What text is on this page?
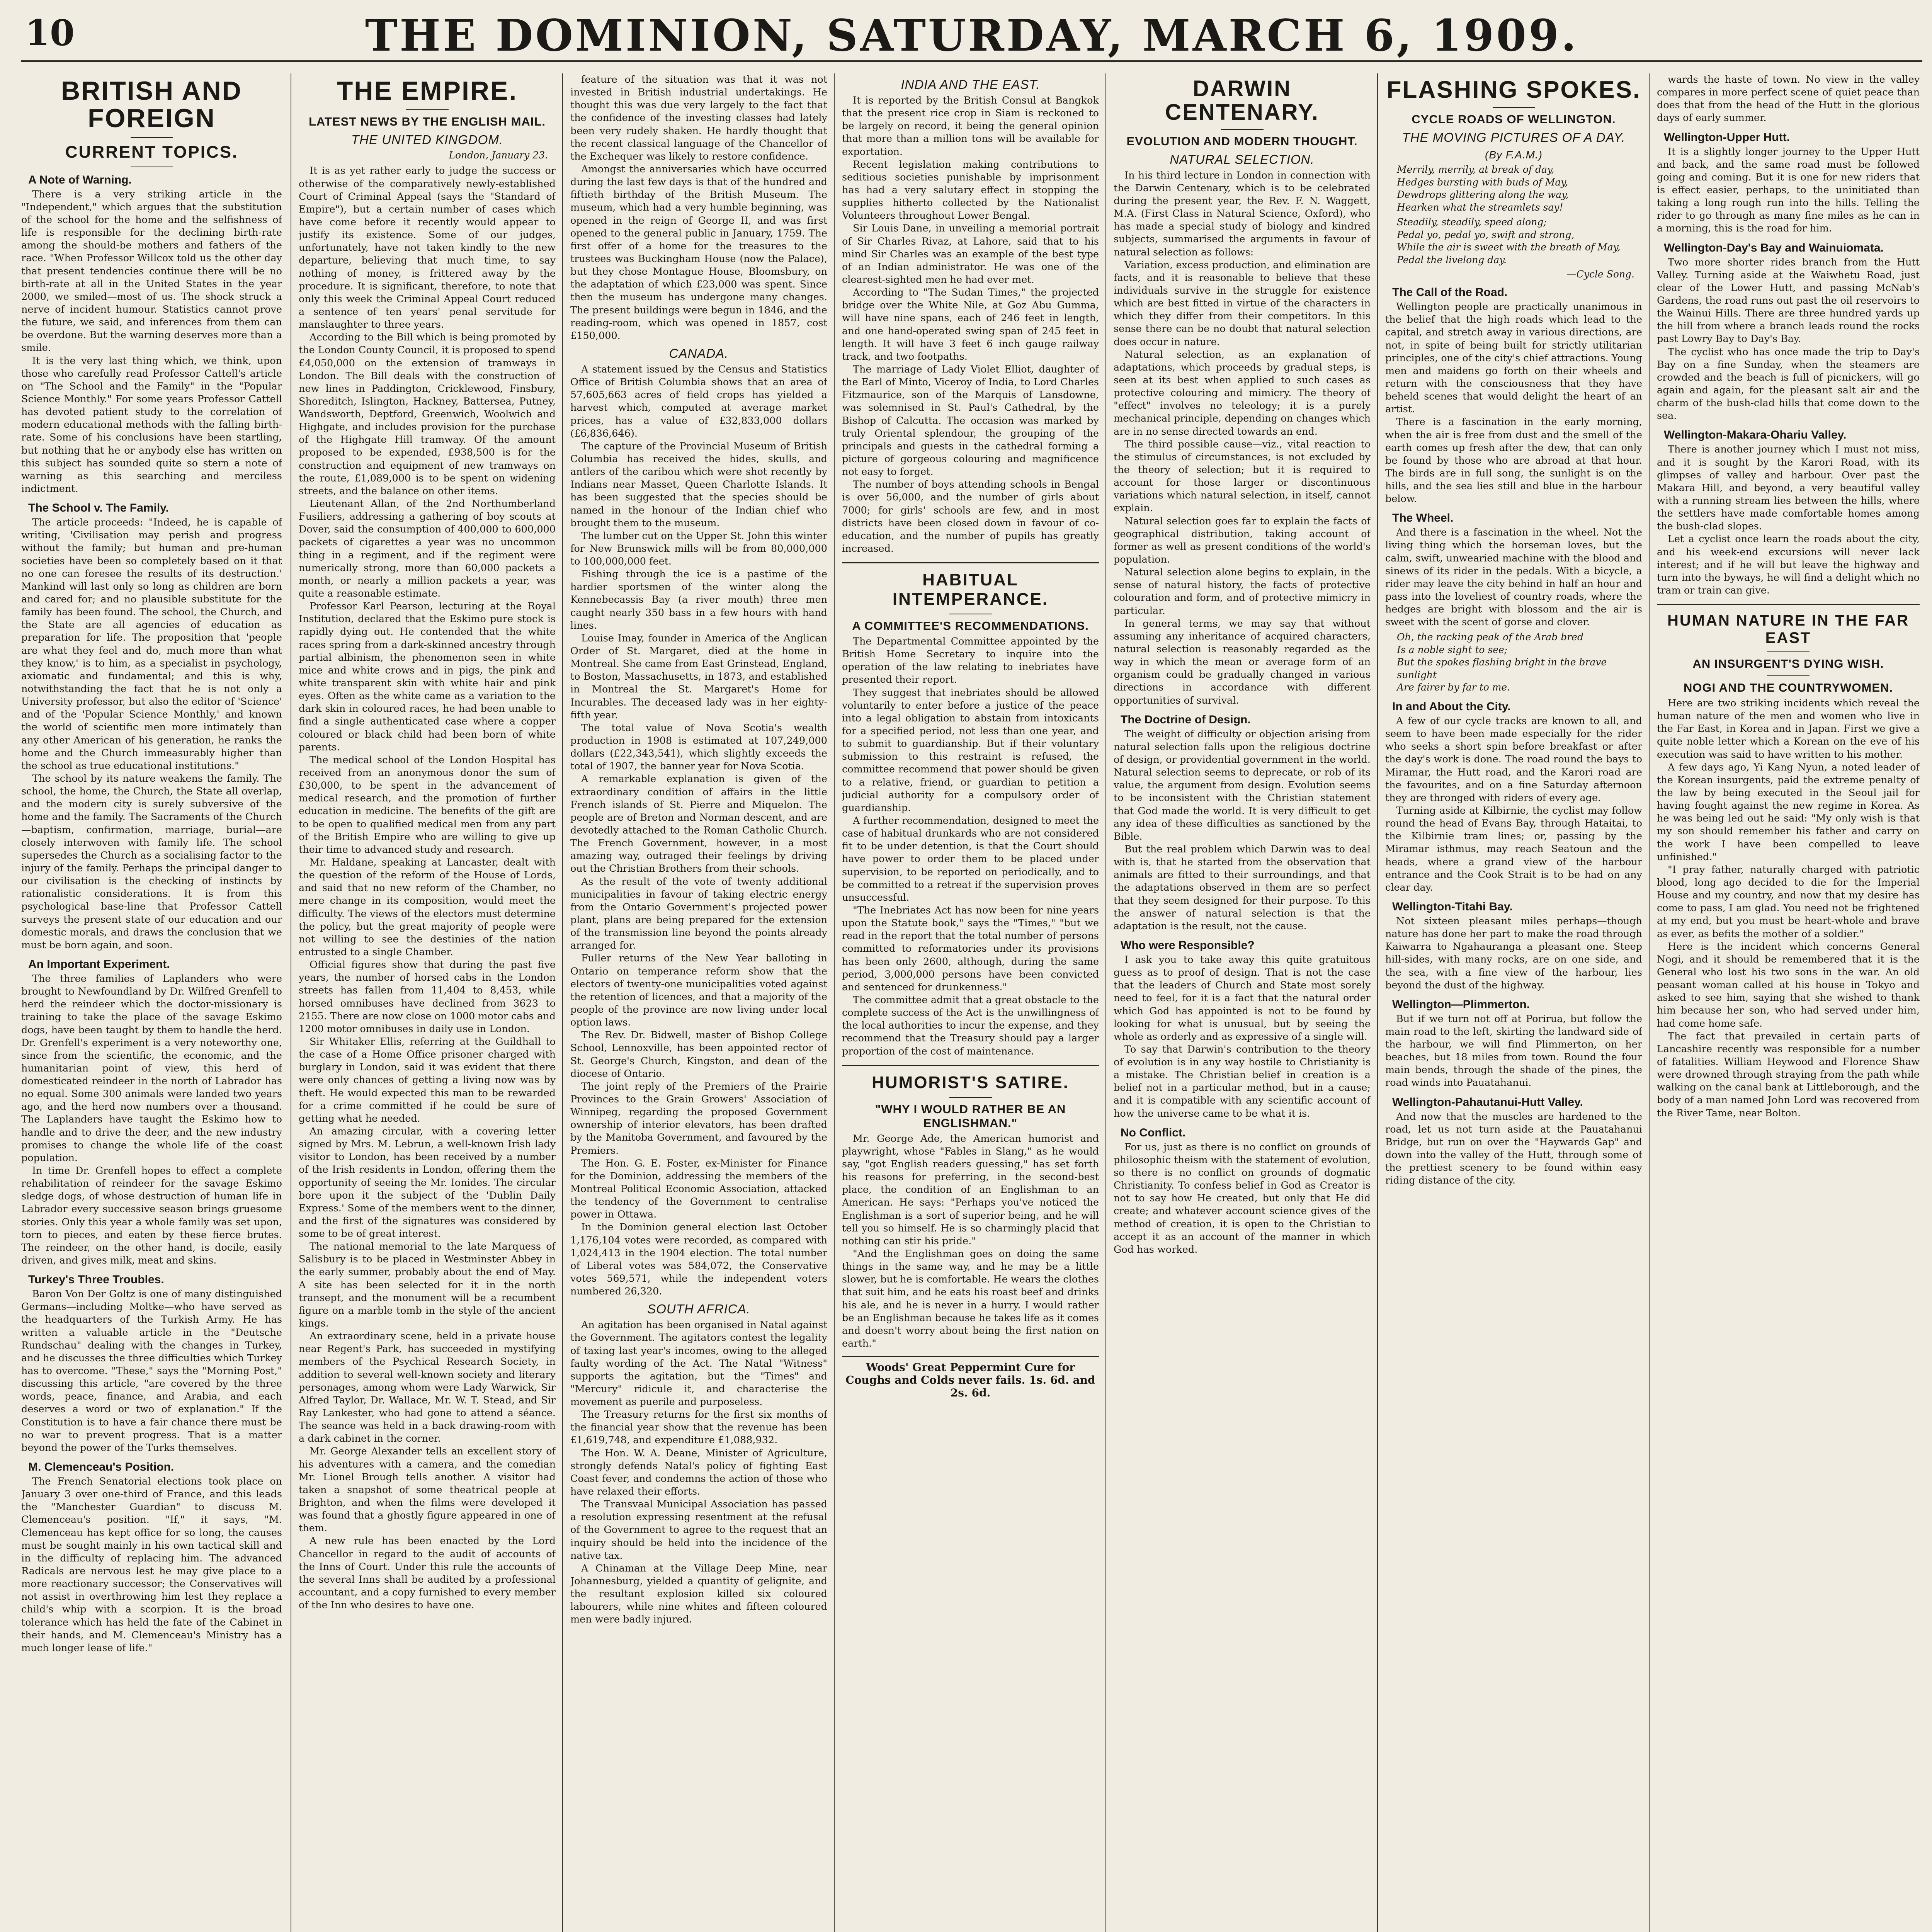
10	THE DOMINION, SATURDAY, MARCH 6, 1909.
BRITISH AND FOREIGN
CURRENT TOPICS.
A Note of Warning.

There is a very striking article in the "Independent," which argues that the substitution of the school for the home and the selfishness of life is responsible for the declining birth-rate among the should-be mothers and fathers of the race. "When Professor Willcox told us the other day that present tendencies continue there will be no birth-rate at all in the United States in the year 2000, we smiled—most of us. The shock struck a nerve of incident humour. Statistics cannot prove the future, we said, and inferences from them can be overdone. But the warning deserves more than a smile.

It is the very last thing which, we think, upon those who carefully read Professor Cattell's article on "The School and the Family" in the "Popular Science Monthly." For some years Professor Cattell has devoted patient study to the correlation of modern educational methods with the falling birth-rate. Some of his conclusions have been startling, but nothing that he or anybody else has written on this subject has sounded quite so stern a note of warning as this searching and merciless indictment.

The School v. The Family.

The article proceeds: "Indeed, he is capable of writing, 'Civilisation may perish and progress without the family; but human and pre-human societies have been so completely based on it that no one can foresee the results of its destruction.' Mankind will last only so long as children are born and cared for; and no plausible substitute for the family has been found. The school, the Church, and the State are all agencies of education as preparation for life. The proposition that 'people are what they feel and do, much more than what they know,' is to him, as a specialist in psychology, axiomatic and fundamental; and this is why, notwithstanding the fact that he is not only a University professor, but also the editor of 'Science' and of the 'Popular Science Monthly,' and known the world of scientific men more intimately than any other American of his generation, he ranks the home and the Church immeasurably higher than the school as true educational institutions."

The school by its nature weakens the family. The school, the home, the Church, the State all overlap, and the modern city is surely subversive of the home and the family. The Sacraments of the Church—baptism, confirmation, marriage, burial—are closely interwoven with family life. The school supersedes the Church as a socialising factor to the injury of the family. Perhaps the principal danger to our civilisation is the checking of instincts by rationalistic considerations. It is from this psychological base-line that Professor Cattell surveys the present state of our education and our domestic morals, and draws the conclusion that we must be born again, and soon.

An Important Experiment.

The three families of Laplanders who were brought to Newfoundland by Dr. Wilfred Grenfell to herd the reindeer which the doctor-missionary is training to take the place of the savage Eskimo dogs, have been taught by them to handle the herd. Dr. Grenfell's experiment is a very noteworthy one, since from the scientific, the economic, and the humanitarian point of view, this herd of domesticated reindeer in the north of Labrador has no equal. Some 300 animals were landed two years ago, and the herd now numbers over a thousand. The Laplanders have taught the Eskimo how to handle and to drive the deer, and the new industry promises to change the whole life of the coast population.

In time Dr. Grenfell hopes to effect a complete rehabilitation of reindeer for the savage Eskimo sledge dogs, of whose destruction of human life in Labrador every successive season brings gruesome stories. Only this year a whole family was set upon, torn to pieces, and eaten by these fierce brutes. The reindeer, on the other hand, is docile, easily driven, and gives milk, meat and skins.

Turkey's Three Troubles.

Baron Von Der Goltz is one of many distinguished Germans—including Moltke—who have served as the headquarters of the Turkish Army. He has written a valuable article in the "Deutsche Rundschau" dealing with the changes in Turkey, and he discusses the three difficulties which Turkey has to overcome. "These," says the "Morning Post," discussing this article, "are covered by the three words, peace, finance, and Arabia, and each deserves a word or two of explanation." If the Constitution is to have a fair chance there must be no war to prevent progress. That is a matter beyond the power of the Turks themselves.

M. Clemenceau's Position.

The French Senatorial elections took place on January 3 over one-third of France, and this leads the "Manchester Guardian" to discuss M. Clemenceau's position. "If," it says, "M. Clemenceau has kept office for so long, the causes must be sought mainly in his own tactical skill and in the difficulty of replacing him. The advanced Radicals are nervous lest he may give place to a more reactionary successor; the Conservatives will not assist in overthrowing him lest they replace a child's whip with a scorpion. It is the broad tolerance which has held the fate of the Cabinet in their hands, and M. Clemenceau's Ministry has a much longer lease of life."

THE EMPIRE.
LATEST NEWS BY THE ENGLISH MAIL.
THE UNITED KINGDOM.
London, January 23.

It is as yet rather early to judge the success or otherwise of the comparatively newly-established Court of Criminal Appeal (says the "Standard of Empire"), but a certain number of cases which have come before it recently would appear to justify its existence. Some of our judges, unfortunately, have not taken kindly to the new departure, believing that much time, to say nothing of money, is frittered away by the procedure. It is significant, therefore, to note that only this week the Criminal Appeal Court reduced a sentence of ten years' penal servitude for manslaughter to three years.

According to the Bill which is being promoted by the London County Council, it is proposed to spend £4,050,000 on the extension of tramways in London. The Bill deals with the construction of new lines in Paddington, Cricklewood, Finsbury, Shoreditch, Islington, Hackney, Battersea, Putney, Wandsworth, Deptford, Greenwich, Woolwich and Highgate, and includes provision for the purchase of the Highgate Hill tramway. Of the amount proposed to be expended, £938,500 is for the construction and equipment of new tramways on the route, £1,089,000 is to be spent on widening streets, and the balance on other items.

Lieutenant Allan, of the 2nd Northumberland Fusiliers, addressing a gathering of boy scouts at Dover, said the consumption of 400,000 to 600,000 packets of cigarettes a year was no uncommon thing in a regiment, and if the regiment were numerically strong, more than 60,000 packets a month, or nearly a million packets a year, was quite a reasonable estimate.

Professor Karl Pearson, lecturing at the Royal Institution, declared that the Eskimo pure stock is rapidly dying out. He contended that the white races spring from a dark-skinned ancestry through partial albinism, the phenomenon seen in white mice and white crows and in pigs, the pink and white transparent skin with white hair and pink eyes. Often as the white came as a variation to the dark skin in coloured races, he had been unable to find a single authenticated case where a copper coloured or black child had been born of white parents.

The medical school of the London Hospital has received from an anonymous donor the sum of £30,000, to be spent in the advancement of medical research, and the promotion of further education in medicine. The benefits of the gift are to be open to qualified medical men from any part of the British Empire who are willing to give up their time to advanced study and research.

Mr. Haldane, speaking at Lancaster, dealt with the question of the reform of the House of Lords, and said that no new reform of the Chamber, no mere change in its composition, would meet the difficulty. The views of the electors must determine the policy, but the great majority of people were not willing to see the destinies of the nation entrusted to a single Chamber.

Official figures show that during the past five years, the number of horsed cabs in the London streets has fallen from 11,404 to 8,453, while horsed omnibuses have declined from 3623 to 2155. There are now close on 1000 motor cabs and 1200 motor omnibuses in daily use in London.

Sir Whitaker Ellis, referring at the Guildhall to the case of a Home Office prisoner charged with burglary in London, said it was evident that there were only chances of getting a living now was by theft. He would expected this man to be rewarded for a crime committed if he could be sure of getting what he needed.

An amazing circular, with a covering letter signed by Mrs. M. Lebrun, a well-known Irish lady visitor to London, has been received by a number of the Irish residents in London, offering them the opportunity of seeing the Mr. Ionides. The circular bore upon it the subject of the 'Dublin Daily Express.' Some of the members went to the dinner, and the first of the signatures was considered by some to be of great interest.

The national memorial to the late Marquess of Salisbury is to be placed in Westminster Abbey in the early summer, probably about the end of May. A site has been selected for it in the north transept, and the monument will be a recumbent figure on a marble tomb in the style of the ancient kings.

An extraordinary scene, held in a private house near Regent's Park, has succeeded in mystifying members of the Psychical Research Society, in addition to several well-known society and literary personages, among whom were Lady Warwick, Sir Alfred Taylor, Dr. Wallace, Mr. W. T. Stead, and Sir Ray Lankester, who had gone to attend a séance. The seance was held in a back drawing-room with a dark cabinet in the corner.

Mr. George Alexander tells an excellent story of his adventures with a camera, and the comedian Mr. Lionel Brough tells another. A visitor had taken a snapshot of some theatrical people at Brighton, and when the films were developed it was found that a ghostly figure appeared in one of them.

A new rule has been enacted by the Lord Chancellor in regard to the audit of accounts of the Inns of Court. Under this rule the accounts of the several Inns shall be audited by a professional accountant, and a copy furnished to every member of the Inn who desires to have one.

feature of the situation was that it was not invested in British industrial undertakings. He thought this was due very largely to the fact that the confidence of the investing classes had lately been very rudely shaken. He hardly thought that the recent classical language of the Chancellor of the Exchequer was likely to restore confidence.

Amongst the anniversaries which have occurred during the last few days is that of the hundred and fiftieth birthday of the British Museum. The museum, which had a very humble beginning, was opened in the reign of George II, and was first opened to the general public in January, 1759. The first offer of a home for the treasures to the trustees was Buckingham House (now the Palace), but they chose Montague House, Bloomsbury, on the adaptation of which £23,000 was spent. Since then the museum has undergone many changes. The present buildings were begun in 1846, and the reading-room, which was opened in 1857, cost £150,000.

CANADA.

A statement issued by the Census and Statistics Office of British Columbia shows that an area of 57,605,663 acres of field crops has yielded a harvest which, computed at average market prices, has a value of £32,833,000 dollars (£6,836,646).

The capture of the Provincial Museum of British Columbia has received the hides, skulls, and antlers of the caribou which were shot recently by Indians near Masset, Queen Charlotte Islands. It has been suggested that the species should be named in the honour of the Indian chief who brought them to the museum.

The lumber cut on the Upper St. John this winter for New Brunswick mills will be from 80,000,000 to 100,000,000 feet.

Fishing through the ice is a pastime of the hardier sportsmen of the winter along the Kennebecassis Bay (a river mouth) three men caught nearly 350 bass in a few hours with hand lines.

Louise Imay, founder in America of the Anglican Order of St. Margaret, died at the home in Montreal. She came from East Grinstead, England, to Boston, Massachusetts, in 1873, and established in Montreal the St. Margaret's Home for Incurables. The deceased lady was in her eighty-fifth year.

The total value of Nova Scotia's wealth production in 1908 is estimated at 107,249,000 dollars (£22,343,541), which slightly exceeds the total of 1907, the banner year for Nova Scotia.

A remarkable explanation is given of the extraordinary condition of affairs in the little French islands of St. Pierre and Miquelon. The people are of Breton and Norman descent, and are devotedly attached to the Roman Catholic Church. The French Government, however, in a most amazing way, outraged their feelings by driving out the Christian Brothers from their schools.

As the result of the vote of twenty additional municipalities in favour of taking electric energy from the Ontario Government's projected power plant, plans are being prepared for the extension of the transmission line beyond the points already arranged for.

Fuller returns of the New Year balloting in Ontario on temperance reform show that the electors of twenty-one municipalities voted against the retention of licences, and that a majority of the people of the province are now living under local option laws.

The Rev. Dr. Bidwell, master of Bishop College School, Lennoxville, has been appointed rector of St. George's Church, Kingston, and dean of the diocese of Ontario.

The joint reply of the Premiers of the Prairie Provinces to the Grain Growers' Association of Winnipeg, regarding the proposed Government ownership of interior elevators, has been drafted by the Manitoba Government, and favoured by the Premiers.

The Hon. G. E. Foster, ex-Minister for Finance for the Dominion, addressing the members of the Montreal Political Economic Association, attacked the tendency of the Government to centralise power in Ottawa.

In the Dominion general election last October 1,176,104 votes were recorded, as compared with 1,024,413 in the 1904 election. The total number of Liberal votes was 584,072, the Conservative votes 569,571, while the independent voters numbered 26,320.

SOUTH AFRICA.

An agitation has been organised in Natal against the Government. The agitators contest the legality of taxing last year's incomes, owing to the alleged faulty wording of the Act. The Natal "Witness" supports the agitation, but the "Times" and "Mercury" ridicule it, and characterise the movement as puerile and purposeless.

The Treasury returns for the first six months of the financial year show that the revenue has been £1,619,748, and expenditure £1,088,932.

The Hon. W. A. Deane, Minister of Agriculture, strongly defends Natal's policy of fighting East Coast fever, and condemns the action of those who have relaxed their efforts.

The Transvaal Municipal Association has passed a resolution expressing resentment at the refusal of the Government to agree to the request that an inquiry should be held into the incidence of the native tax.

A Chinaman at the Village Deep Mine, near Johannesburg, yielded a quantity of gelignite, and the resultant explosion killed six coloured labourers, while nine whites and fifteen coloured men were badly injured.

INDIA AND THE EAST.

It is reported by the British Consul at Bangkok that the present rice crop in Siam is reckoned to be largely on record, it being the general opinion that more than a million tons will be available for exportation.

Recent legislation making contributions to seditious societies punishable by imprisonment has had a very salutary effect in stopping the supplies hitherto collected by the Nationalist Volunteers throughout Lower Bengal.

Sir Louis Dane, in unveiling a memorial portrait of Sir Charles Rivaz, at Lahore, said that to his mind Sir Charles was an example of the best type of an Indian administrator. He was one of the clearest-sighted men he had ever met.

According to "The Sudan Times," the projected bridge over the White Nile, at Goz Abu Gumma, will have nine spans, each of 246 feet in length, and one hand-operated swing span of 245 feet in length. It will have 3 feet 6 inch gauge railway track, and two footpaths.

The marriage of Lady Violet Elliot, daughter of the Earl of Minto, Viceroy of India, to Lord Charles Fitzmaurice, son of the Marquis of Lansdowne, was solemnised in St. Paul's Cathedral, by the Bishop of Calcutta. The occasion was marked by truly Oriental splendour, the grouping of the principals and guests in the cathedral forming a picture of gorgeous colouring and magnificence not easy to forget.

The number of boys attending schools in Bengal is over 56,000, and the number of girls about 7000; for girls' schools are few, and in most districts have been closed down in favour of co-education, and the number of pupils has greatly increased.

HABITUAL INTEMPERANCE.
A COMMITTEE'S RECOMMENDATIONS.

The Departmental Committee appointed by the British Home Secretary to inquire into the operation of the law relating to inebriates have presented their report.

They suggest that inebriates should be allowed voluntarily to enter before a justice of the peace into a legal obligation to abstain from intoxicants for a specified period, not less than one year, and to submit to guardianship. But if their voluntary submission to this restraint is refused, the committee recommend that power should be given to a relative, friend, or guardian to petition a judicial authority for a compulsory order of guardianship.

A further recommendation, designed to meet the case of habitual drunkards who are not considered fit to be under detention, is that the Court should have power to order them to be placed under supervision, to be reported on periodically, and to be committed to a retreat if the supervision proves unsuccessful.

"The Inebriates Act has now been for nine years upon the Statute book," says the "Times," "but we read in the report that the total number of persons committed to reformatories under its provisions has been only 2600, although, during the same period, 3,000,000 persons have been convicted and sentenced for drunkenness."

The committee admit that a great obstacle to the complete success of the Act is the unwillingness of the local authorities to incur the expense, and they recommend that the Treasury should pay a larger proportion of the cost of maintenance.

HUMORIST'S SATIRE.
"WHY I WOULD RATHER BE AN ENGLISHMAN."

Mr. George Ade, the American humorist and playwright, whose "Fables in Slang," as he would say, "got English readers guessing," has set forth his reasons for preferring, in the second-best place, the condition of an Englishman to an American. He says: "Perhaps you've noticed the Englishman is a sort of superior being, and he will tell you so himself. He is so charmingly placid that nothing can stir his pride."

"And the Englishman goes on doing the same things in the same way, and he may be a little slower, but he is comfortable. He wears the clothes that suit him, and he eats his roast beef and drinks his ale, and he is never in a hurry. I would rather be an Englishman because he takes life as it comes and doesn't worry about being the first nation on earth."

Woods' Great Peppermint Cure for Coughs and Colds never fails. 1s. 6d. and 2s. 6d.
DARWIN CENTENARY.
EVOLUTION AND MODERN THOUGHT.
NATURAL SELECTION.

In his third lecture in London in connection with the Darwin Centenary, which is to be celebrated during the present year, the Rev. F. N. Waggett, M.A. (First Class in Natural Science, Oxford), who has made a special study of biology and kindred subjects, summarised the arguments in favour of natural selection as follows:

Variation, excess production, and elimination are facts, and it is reasonable to believe that these individuals survive in the struggle for existence which are best fitted in virtue of the characters in which they differ from their competitors. In this sense there can be no doubt that natural selection does occur in nature.

Natural selection, as an explanation of adaptations, which proceeds by gradual steps, is seen at its best when applied to such cases as protective colouring and mimicry. The theory of "effect" involves no teleology; it is a purely mechanical principle, depending on changes which are in no sense directed towards an end.

The third possible cause—viz., vital reaction to the stimulus of circumstances, is not excluded by the theory of selection; but it is required to account for those larger or discontinuous variations which natural selection, in itself, cannot explain.

Natural selection goes far to explain the facts of geographical distribution, taking account of former as well as present conditions of the world's population.

Natural selection alone begins to explain, in the sense of natural history, the facts of protective colouration and form, and of protective mimicry in particular.

In general terms, we may say that without assuming any inheritance of acquired characters, natural selection is reasonably regarded as the way in which the mean or average form of an organism could be gradually changed in various directions in accordance with different opportunities of survival.

The Doctrine of Design.

The weight of difficulty or objection arising from natural selection falls upon the religious doctrine of design, or providential government in the world. Natural selection seems to deprecate, or rob of its value, the argument from design. Evolution seems to be inconsistent with the Christian statement that God made the world. It is very difficult to get any idea of these difficulties as sanctioned by the Bible.

But the real problem which Darwin was to deal with is, that he started from the observation that animals are fitted to their surroundings, and that the adaptations observed in them are so perfect that they seem designed for their purpose. To this the answer of natural selection is that the adaptation is the result, not the cause.

Who were Responsible?

I ask you to take away this quite gratuitous guess as to proof of design. That is not the case that the leaders of Church and State most sorely need to feel, for it is a fact that the natural order which God has appointed is not to be found by looking for what is unusual, but by seeing the whole as orderly and as expressive of a single will.

To say that Darwin's contribution to the theory of evolution is in any way hostile to Christianity is a mistake. The Christian belief in creation is a belief not in a particular method, but in a cause; and it is compatible with any scientific account of how the universe came to be what it is.

No Conflict.

For us, just as there is no conflict on grounds of philosophic theism with the statement of evolution, so there is no conflict on grounds of dogmatic Christianity. To confess belief in God as Creator is not to say how He created, but only that He did create; and whatever account science gives of the method of creation, it is open to the Christian to accept it as an account of the manner in which God has worked.

FLASHING SPOKES.
CYCLE ROADS OF WELLINGTON.
THE MOVING PICTURES OF A DAY.
(By F.A.M.)
Merrily, merrily, at break of day,
Hedges bursting with buds of May,
Dewdrops glittering along the way,
Hearken what the streamlets say!
Steadily, steadily, speed along;
Pedal yo, pedal yo, swift and strong,
While the air is sweet with the breath of May,
Pedal the livelong day.
—Cycle Song.
The Call of the Road.

Wellington people are practically unanimous in the belief that the high roads which lead to the capital, and stretch away in various directions, are not, in spite of being built for strictly utilitarian principles, one of the city's chief attractions. Young men and maidens go forth on their wheels and return with the consciousness that they have beheld scenes that would delight the heart of an artist.

There is a fascination in the early morning, when the air is free from dust and the smell of the earth comes up fresh after the dew, that can only be found by those who are abroad at that hour. The birds are in full song, the sunlight is on the hills, and the sea lies still and blue in the harbour below.

The Wheel.

And there is a fascination in the wheel. Not the living thing which the horseman loves, but the calm, swift, unwearied machine with the blood and sinews of its rider in the pedals. With a bicycle, a rider may leave the city behind in half an hour and pass into the loveliest of country roads, where the hedges are bright with blossom and the air is sweet with the scent of gorse and clover.

Oh, the racking peak of the Arab bred
Is a noble sight to see;
But the spokes flashing bright in the brave sunlight
Are fairer by far to me.
In and About the City.

A few of our cycle tracks are known to all, and seem to have been made especially for the rider who seeks a short spin before breakfast or after the day's work is done. The road round the bays to Miramar, the Hutt road, and the Karori road are the favourites, and on a fine Saturday afternoon they are thronged with riders of every age.

Turning aside at Kilbirnie, the cyclist may follow round the head of Evans Bay, through Hataitai, to the Kilbirnie tram lines; or, passing by the Miramar isthmus, may reach Seatoun and the heads, where a grand view of the harbour entrance and the Cook Strait is to be had on any clear day.

Wellington-Titahi Bay.

Not sixteen pleasant miles perhaps—though nature has done her part to make the road through Kaiwarra to Ngahauranga a pleasant one. Steep hill-sides, with many rocks, are on one side, and the sea, with a fine view of the harbour, lies beyond the dust of the highway.

Wellington—Plimmerton.

But if we turn not off at Porirua, but follow the main road to the left, skirting the landward side of the harbour, we will find Plimmerton, on her beaches, but 18 miles from town. Round the four main bends, through the shade of the pines, the road winds into Pauatahanui.

Wellington-Pahautanui-Hutt Valley.

And now that the muscles are hardened to the road, let us not turn aside at the Pauatahanui Bridge, but run on over the "Haywards Gap" and down into the valley of the Hutt, through some of the prettiest scenery to be found within easy riding distance of the city.

wards the haste of town. No view in the valley compares in more perfect scene of quiet peace than does that from the head of the Hutt in the glorious days of early summer.

Wellington-Upper Hutt.

It is a slightly longer journey to the Upper Hutt and back, and the same road must be followed going and coming. But it is one for new riders that is effect easier, perhaps, to the uninitiated than taking a long rough run into the hills. Telling the rider to go through as many fine miles as he can in a morning, this is the road for him.

Wellington-Day's Bay and Wainuiomata.

Two more shorter rides branch from the Hutt Valley. Turning aside at the Waiwhetu Road, just clear of the Lower Hutt, and passing McNab's Gardens, the road runs out past the oil reservoirs to the Wainui Hills. There are three hundred yards up the hill from where a branch leads round the rocks past Lowry Bay to Day's Bay.

The cyclist who has once made the trip to Day's Bay on a fine Sunday, when the steamers are crowded and the beach is full of picnickers, will go again and again, for the pleasant salt air and the charm of the bush-clad hills that come down to the sea.

Wellington-Makara-Ohariu Valley.

There is another journey which I must not miss, and it is sought by the Karori Road, with its glimpses of valley and harbour. Over past the Makara Hill, and beyond, a very beautiful valley with a running stream lies between the hills, where the settlers have made comfortable homes among the bush-clad slopes.

Let a cyclist once learn the roads about the city, and his week-end excursions will never lack interest; and if he will but leave the highway and turn into the byways, he will find a delight which no tram or train can give.

HUMAN NATURE IN THE FAR EAST
AN INSURGENT'S DYING WISH.
NOGI AND THE COUNTRYWOMEN.

Here are two striking incidents which reveal the human nature of the men and women who live in the Far East, in Korea and in Japan. First we give a quite noble letter which a Korean on the eve of his execution was said to have written to his mother.

A few days ago, Yi Kang Nyun, a noted leader of the Korean insurgents, paid the extreme penalty of the law by being executed in the Seoul jail for having fought against the new regime in Korea. As he was being led out he said: "My only wish is that my son should remember his father and carry on the work I have been compelled to leave unfinished."

"I pray father, naturally charged with patriotic blood, long ago decided to die for the Imperial House and my country, and now that my desire has come to pass, I am glad. You need not be frightened at my end, but you must be heart-whole and brave as ever, as befits the mother of a soldier."

Here is the incident which concerns General Nogi, and it should be remembered that it is the General who lost his two sons in the war. An old peasant woman called at his house in Tokyo and asked to see him, saying that she wished to thank him because her son, who had served under him, had come home safe.

The fact that prevailed in certain parts of Lancashire recently was responsible for a number of fatalities. William Heywood and Florence Shaw were drowned through straying from the path while walking on the canal bank at Littleborough, and the body of a man named John Lord was recovered from the River Tame, near Bolton.
